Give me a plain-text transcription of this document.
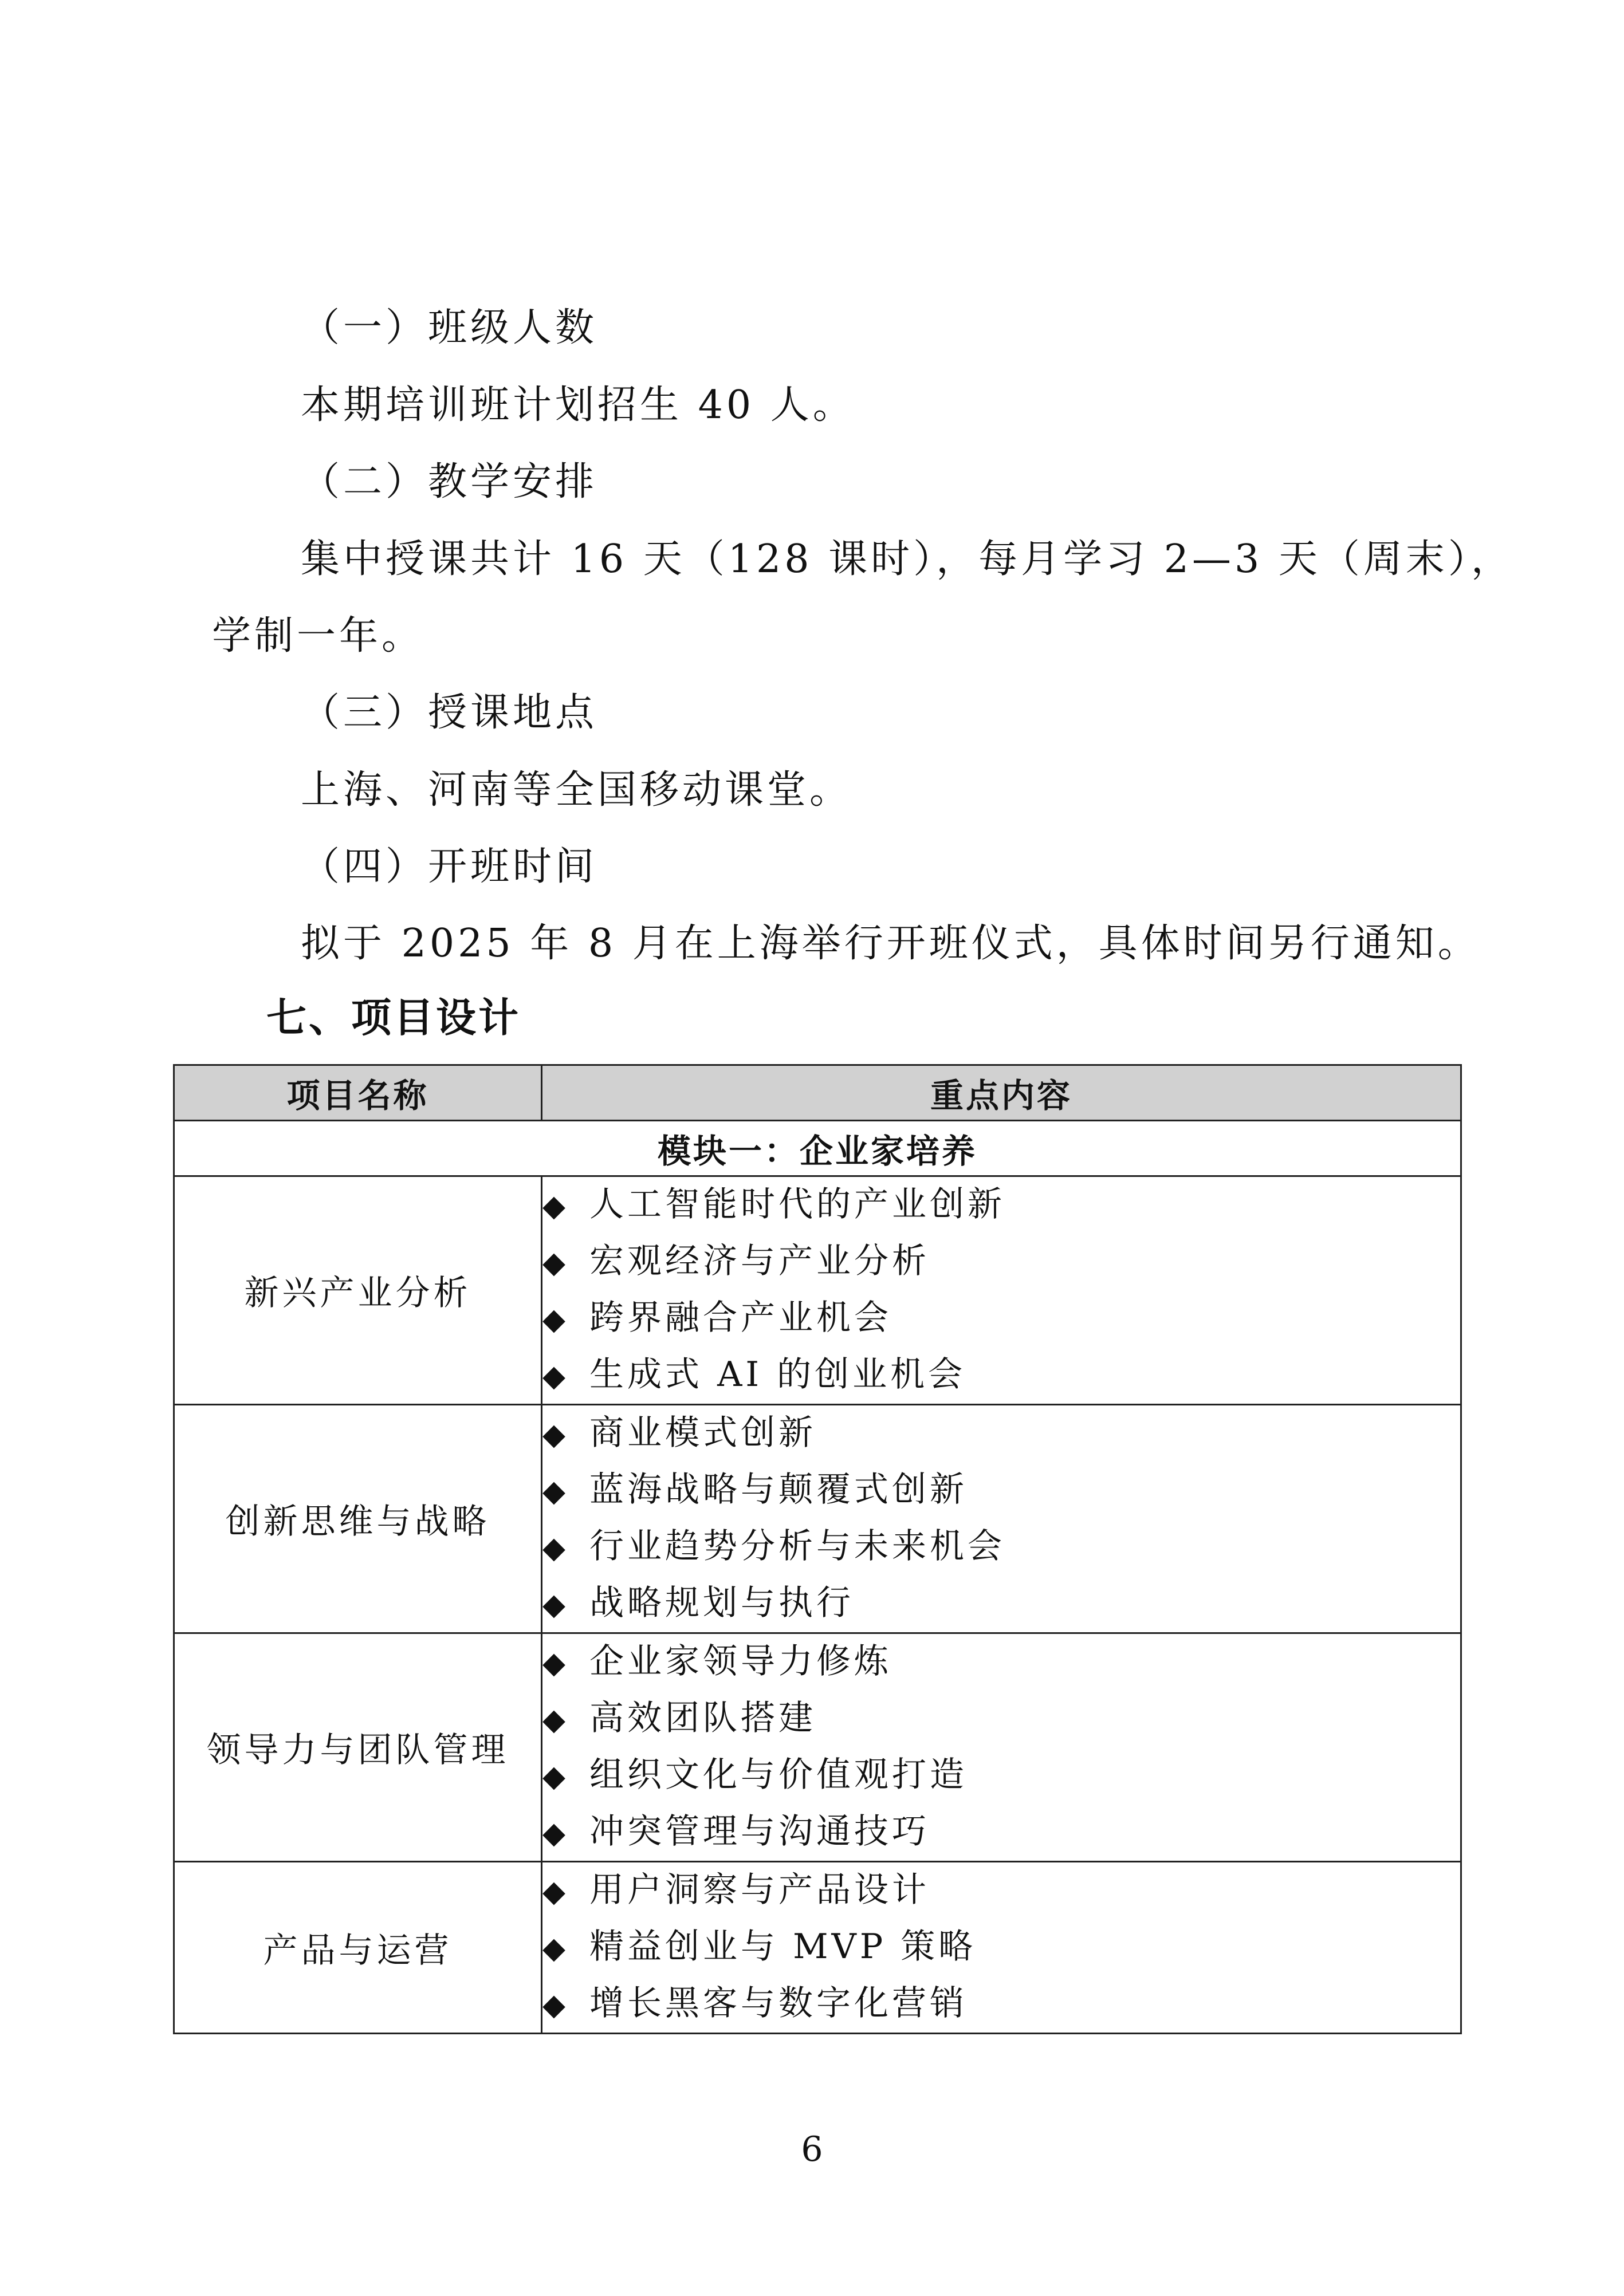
（一）班级人数
本期培训班计划招生 40 人。
（二）教学安排
集中授课共计 16 天（128 课时），每月学习 2—3 天（周末），
学制一年。
（三）授课地点
上海、河南等全国移动课堂。
（四）开班时间
拟于 2025 年 8 月在上海举行开班仪式，具体时间另行通知。
七、项目设计
项目名称	重点内容
模块一：企业家培养	
新兴产业分析	◆ 人工智能时代的产业创新
◆ 宏观经济与产业分析
◆ 跨界融合产业机会
◆ 生成式 AI 的创业机会

创新思维与战略	◆ 商业模式创新
◆ 蓝海战略与颠覆式创新
◆ 行业趋势分析与未来机会
◆ 战略规划与执行

领导力与团队管理	◆ 企业家领导力修炼
◆ 高效团队搭建
◆ 组织文化与价值观打造
◆ 冲突管理与沟通技巧

产品与运营	◆ 用户洞察与产品设计
◆ 精益创业与 MVP 策略
◆ 增长黑客与数字化营销
6
